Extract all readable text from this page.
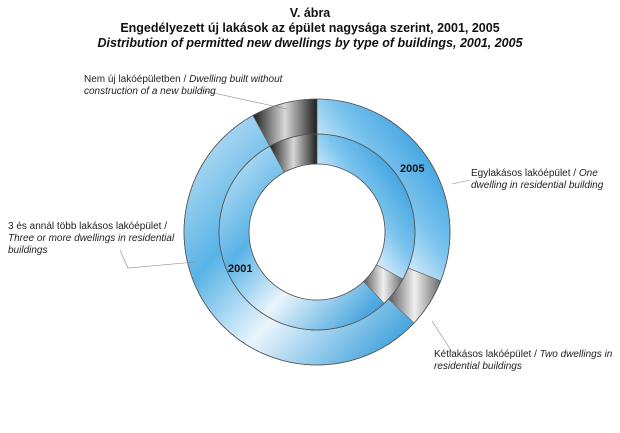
V. ábra
Engedélyezett új lakások az épület nagysága szerint, 2001, 2005
Distribution of permitted new dwellings by type of buildings, 2001, 2005
2005
2001
Nem új lakóépületben / Dwelling built without construction of a new building
Egylakásos lakóépület / One dwelling in residential building
3 és annál több lakásos lakóépület / Three or more dwellings in residential buildings
Kétlakásos lakóépület / Two dwellings in residential buildings
